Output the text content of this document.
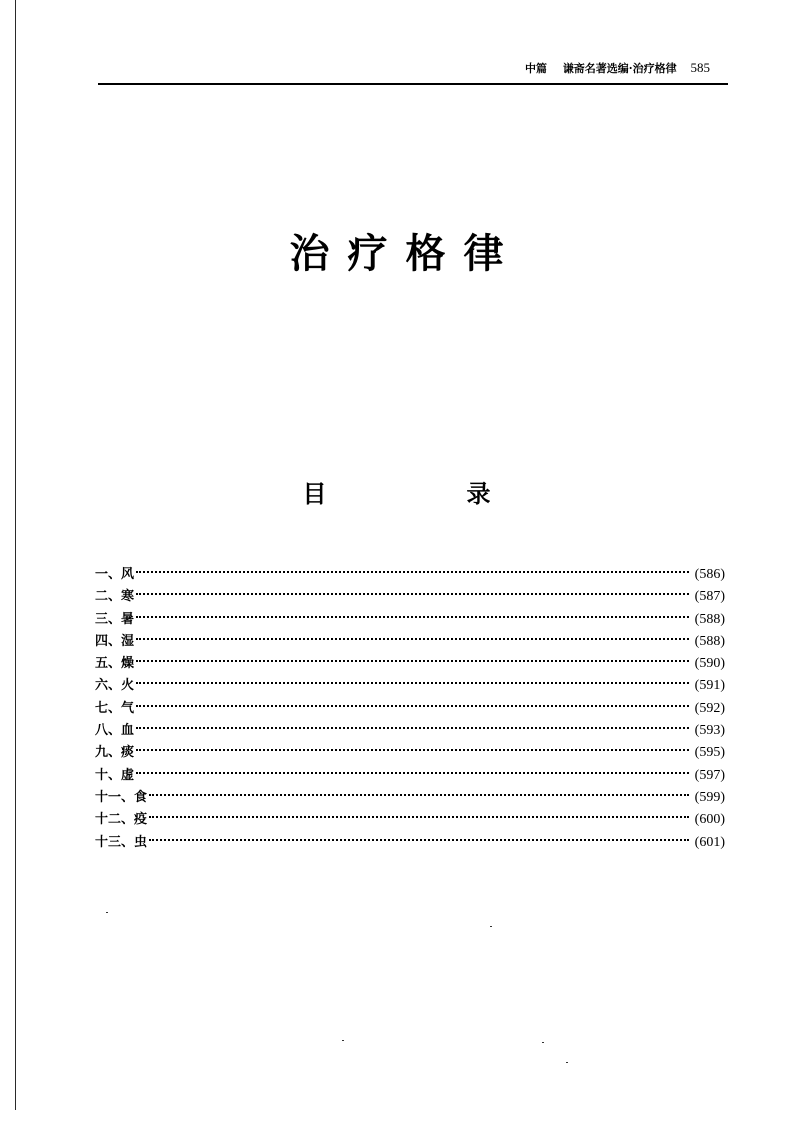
中篇 谦斋名著选编·治疗格律 585
治疗格律
目　录
一、风	(586)
二、寒	(587)
三、暑	(588)
四、湿	(588)
五、燥	(590)
六、火	(591)
七、气	(592)
八、血	(593)
九、痰	(595)
十、虚	(597)
十一、食	(599)
十二、疫	(600)
十三、虫	(601)
